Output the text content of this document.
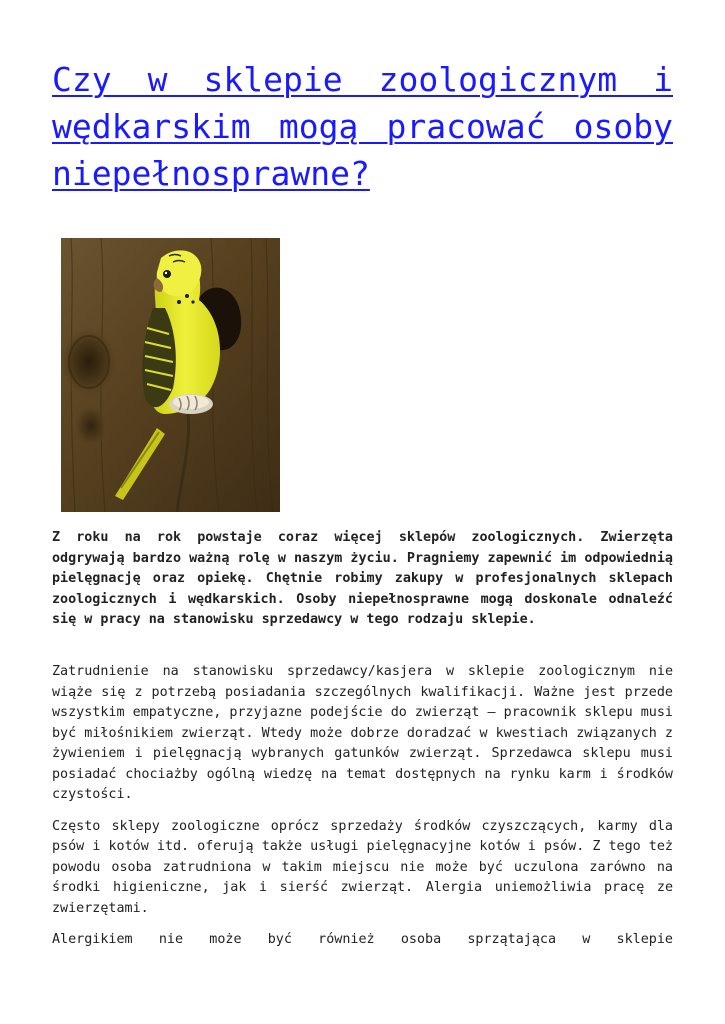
Czy w sklepie zoologicznym i wędkarskim mogą pracować osoby niepełnosprawne?

Z roku na rok powstaje coraz więcej sklepów zoologicznych. Zwierzęta odgrywają bardzo ważną rolę w naszym życiu. Pragniemy zapewnić im odpowiednią pielęgnację oraz opiekę. Chętnie robimy zakupy w profesjonalnych sklepach zoologicznych i wędkarskich. Osoby niepełnosprawne mogą doskonale odnaleźć się w pracy na stanowisku sprzedawcy w tego rodzaju sklepie.

Zatrudnienie na stanowisku sprzedawcy/kasjera w sklepie zoologicznym nie wiąże się z potrzebą posiadania szczególnych kwalifikacji. Ważne jest przede wszystkim empatyczne, przyjazne podejście do zwierząt – pracownik sklepu musi być miłośnikiem zwierząt. Wtedy może dobrze doradzać w kwestiach związanych z żywieniem i pielęgnacją wybranych gatunków zwierząt. Sprzedawca sklepu musi posiadać chociażby ogólną wiedzę na temat dostępnych na rynku karm i środków czystości.

Często sklepy zoologiczne oprócz sprzedaży środków czyszczących, karmy dla psów i kotów itd. oferują także usługi pielęgnacyjne kotów i psów. Z tego też powodu osoba zatrudniona w takim miejscu nie może być uczulona zarówno na środki higieniczne, jak i sierść zwierząt. Alergia uniemożliwia pracę ze zwierzętami.

Alergikiem nie może być również osoba sprzątająca w sklepie
